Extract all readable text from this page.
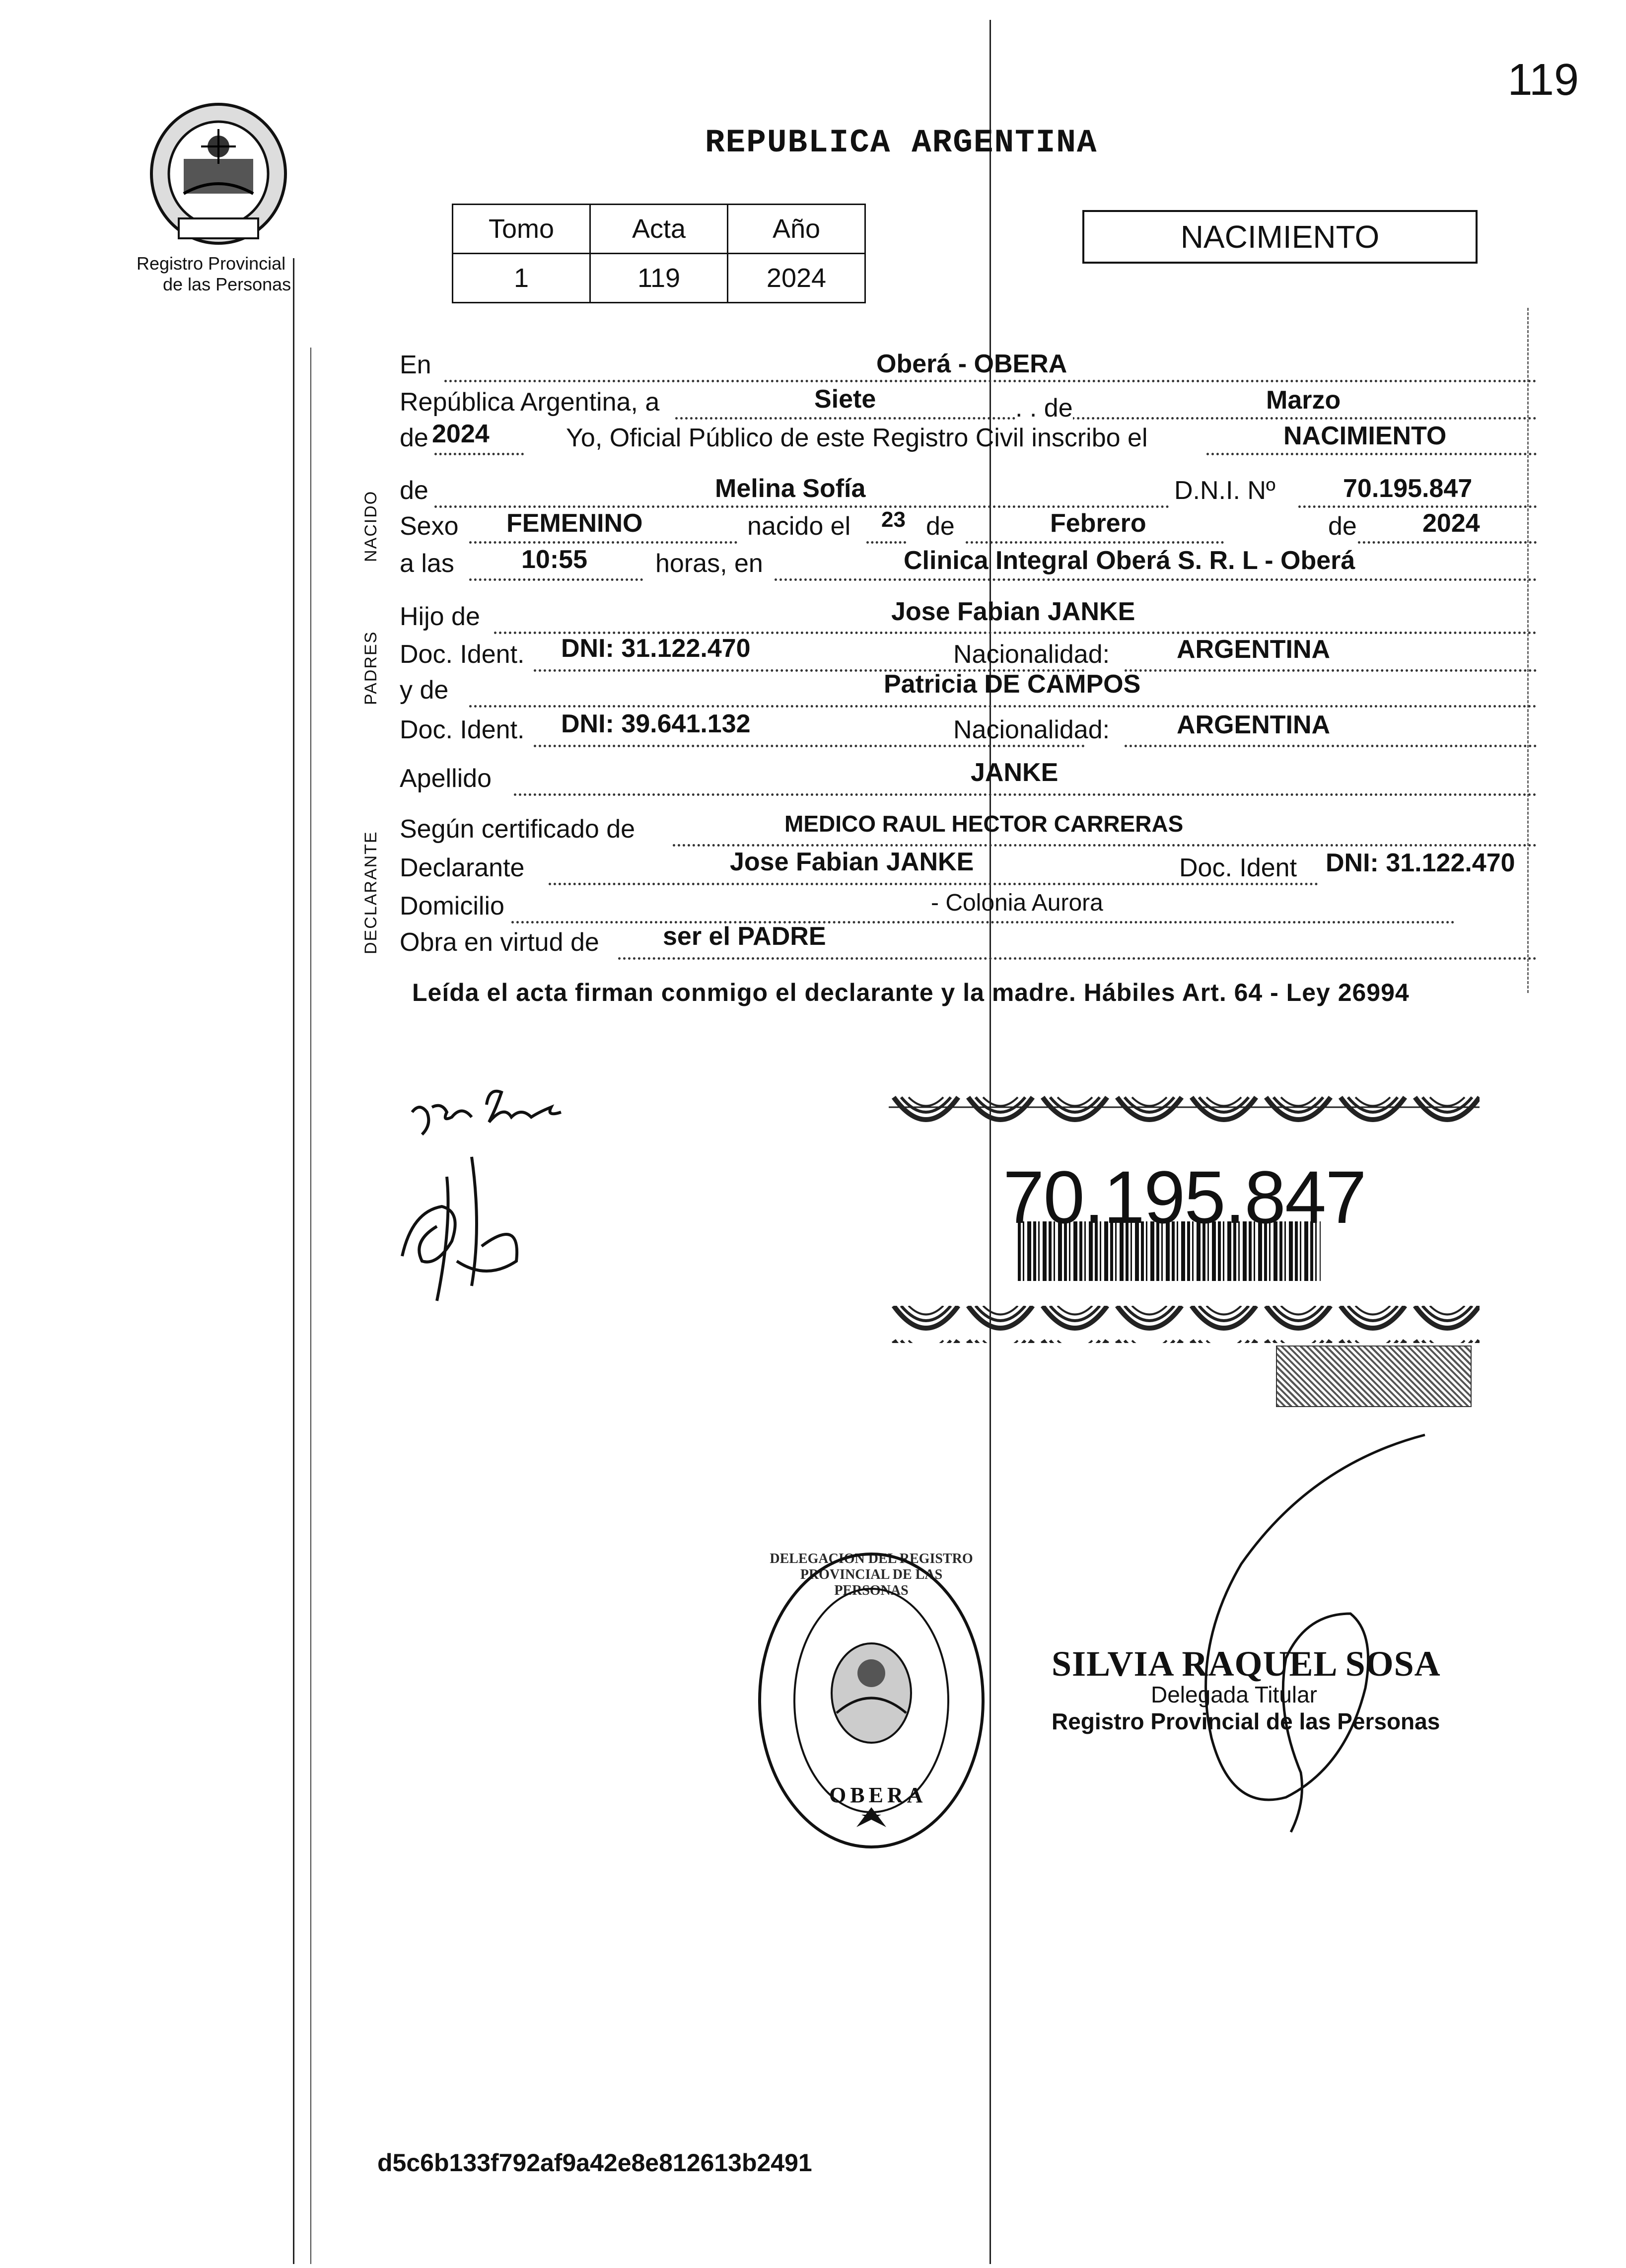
119
Registro Provincial
de las Personas
REPUBLICA ARGENTINA
Tomo	Acta	Año
1	119	2024
NACIMIENTO
NACIDO
PADRES
DECLARANTE
En	Oberá - OBERA
República Argentina, a	Siete	. . de	Marzo
de 2024	Yo, Oficial Público de este Registro Civil inscribo el	NACIMIENTO
de	Melina Sofía	D.N.I. Nº	70.195.847
Sexo FEMENINO	nacido el 23 de	Febrero	de	2024
a las	10:55	horas, en	Clinica Integral Oberá S. R. L - Oberá
Hijo de	Jose Fabian JANKE
Doc. Ident. DNI: 31.122.470	Nacionalidad:	ARGENTINA
y de	Patricia DE CAMPOS
Doc. Ident. DNI: 39.641.132	Nacionalidad:	ARGENTINA
Apellido	JANKE
Según certificado de	MEDICO RAUL HECTOR CARRERAS
Declarante	Jose Fabian JANKE	Doc. Ident DNI: 31.122.470
Domicilio	- Colonia Aurora
Obra en virtud de ser el PADRE
Leída el acta firman conmigo el declarante y la madre. Hábiles Art. 64 - Ley 26994
70.195.847
DELEGACION DEL REGISTRO PROVINCIAL DE LAS PERSONAS
OBERA
SILVIA RAQUEL SOSA
Delegada Titular
Registro Provincial de las Personas
d5c6b133f792af9a42e8e812613b2491
